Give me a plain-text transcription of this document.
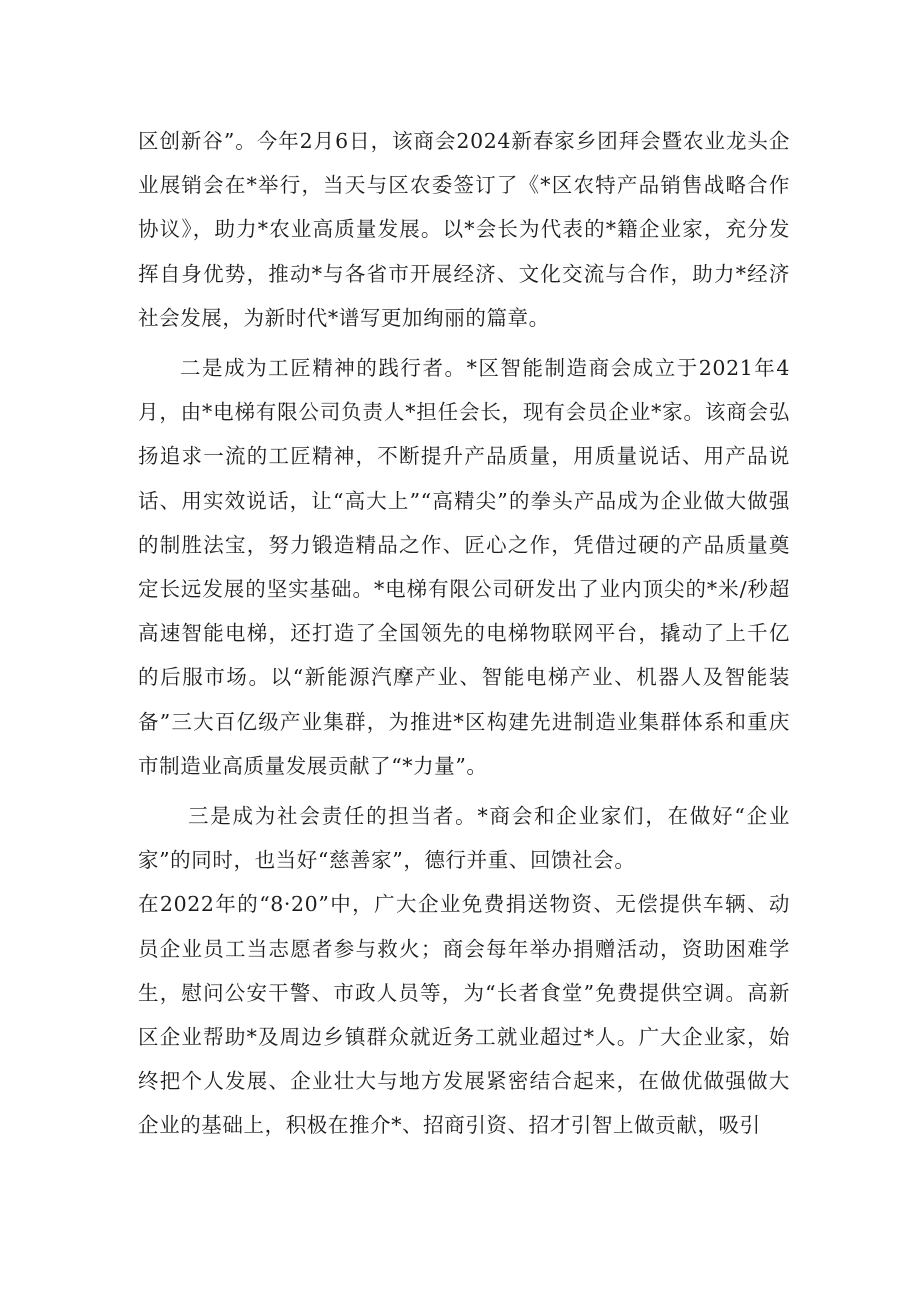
区创新谷”。今年2月6日，该商会2024新春家乡团拜会暨农业龙头企业展销会在*举行，当天与区农委签订了《*区农特产品销售战略合作协议》，助力*农业高质量发展。以*会长为代表的*籍企业家，充分发挥自身优势，推动*与各省市开展经济、文化交流与合作，助力*经济社会发展，为新时代*谱写更加绚丽的篇章。

二是成为工匠精神的践行者。*区智能制造商会成立于2021年4月，由*电梯有限公司负责人*担任会长，现有会员企业*家。该商会弘扬追求一流的工匠精神，不断提升产品质量，用质量说话、用产品说话、用实效说话，让“高大上”“高精尖”的拳头产品成为企业做大做强的制胜法宝，努力锻造精品之作、匠心之作，凭借过硬的产品质量奠定长远发展的坚实基础。*电梯有限公司研发出了业内顶尖的*米/秒超高速智能电梯，还打造了全国领先的电梯物联网平台，撬动了上千亿的后服市场。以“新能源汽摩产业、智能电梯产业、机器人及智能装备”三大百亿级产业集群，为推进*区构建先进制造业集群体系和重庆市制造业高质量发展贡献了“*力量”。

三是成为社会责任的担当者。*商会和企业家们，在做好“企业家”的同时，也当好“慈善家”，德行并重、回馈社会。

在2022年的“8·20”中，广大企业免费捐送物资、无偿提供车辆、动员企业员工当志愿者参与救火；商会每年举办捐赠活动，资助困难学生，慰问公安干警、市政人员等，为“长者食堂”免费提供空调。高新区企业帮助*及周边乡镇群众就近务工就业超过*人。广大企业家，始终把个人发展、企业壮大与地方发展紧密结合起来，在做优做强做大企业的基础上，积极在推介*、招商引资、招才引智上做贡献，吸引
